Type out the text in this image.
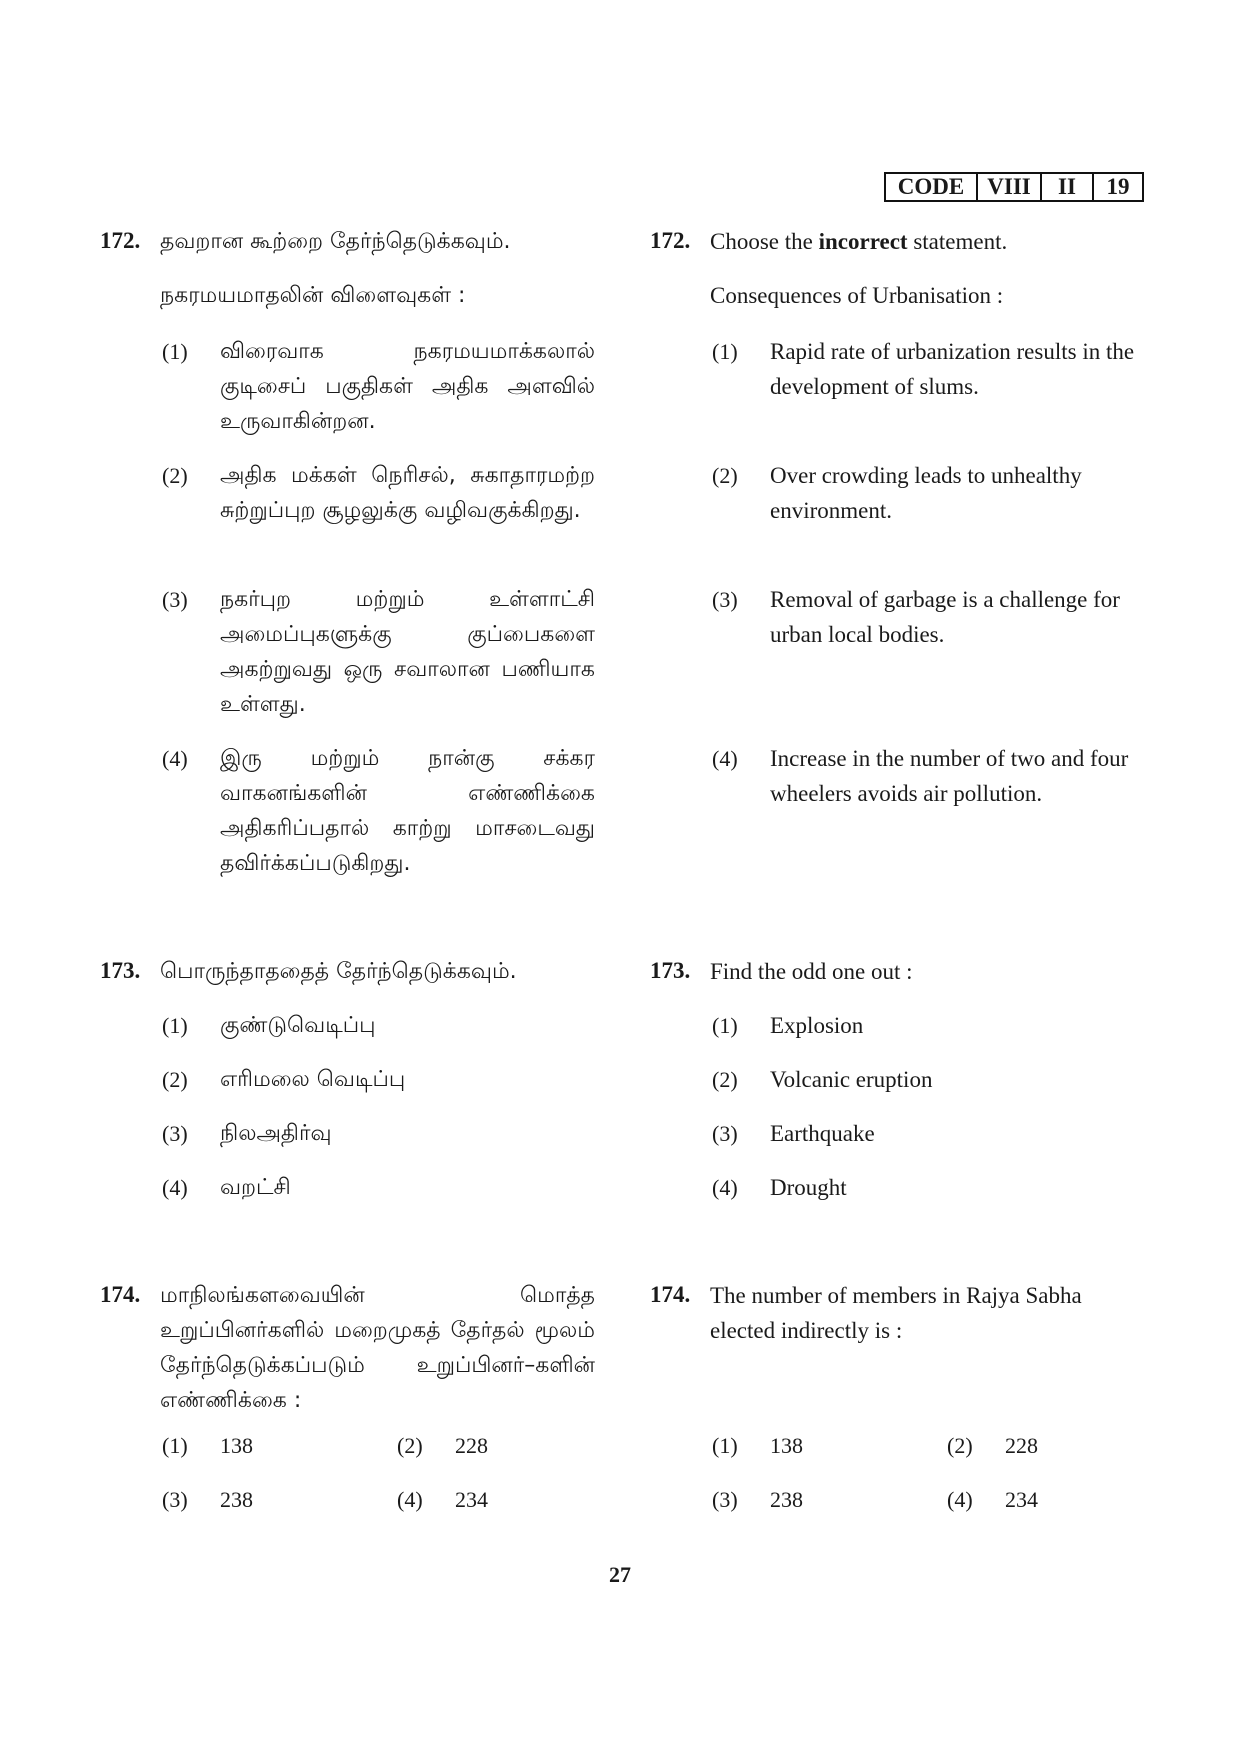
CODE	VIII	II	19
172. தவறான கூற்றை தேர்ந்தெடுக்கவும்.
நகரமயமாதலின் விளைவுகள் :
(1) விரைவாக நகரமயமாக்கலால் குடிசைப் பகுதிகள் அதிக அளவில் உருவாகின்றன.
(2) அதிக மக்கள் நெரிசல், சுகாதாரமற்ற சுற்றுப்புற சூழலுக்கு வழிவகுக்கிறது.
(3) நகர்புற மற்றும் உள்ளாட்சி அமைப்புகளுக்கு குப்பைகளை அகற்றுவது ஒரு சவாலான பணியாக உள்ளது.
(4) இரு மற்றும் நான்கு சக்கர வாகனங்களின் எண்ணிக்கை அதிகரிப்பதால் காற்று மாசடைவது தவிர்க்கப்படுகிறது.
173. பொருந்தாததைத் தேர்ந்தெடுக்கவும்.
(1) குண்டுவெடிப்பு
(2) எரிமலை வெடிப்பு
(3) நிலஅதிர்வு
(4) வறட்சி
174. மாநிலங்களவையின் மொத்த உறுப்பினர்களில் மறைமுகத் தேர்தல் மூலம் தேர்ந்தெடுக்கப்படும் உறுப்பினர்–களின் எண்ணிக்கை :
(1) 138	(2) 228
(3) 238	(4) 234
172. Choose the incorrect statement.
Consequences of Urbanisation :
(1) Rapid rate of urbanization results in the development of slums.
(2) Over crowding leads to unhealthy environment.
(3) Removal of garbage is a challenge for urban local bodies.
(4) Increase in the number of two and four wheelers avoids air pollution.
173. Find the odd one out :
(1) Explosion
(2) Volcanic eruption
(3) Earthquake
(4) Drought
174. The number of members in Rajya Sabha elected indirectly is :
(1) 138	(2) 228
(3) 238	(4) 234
27
